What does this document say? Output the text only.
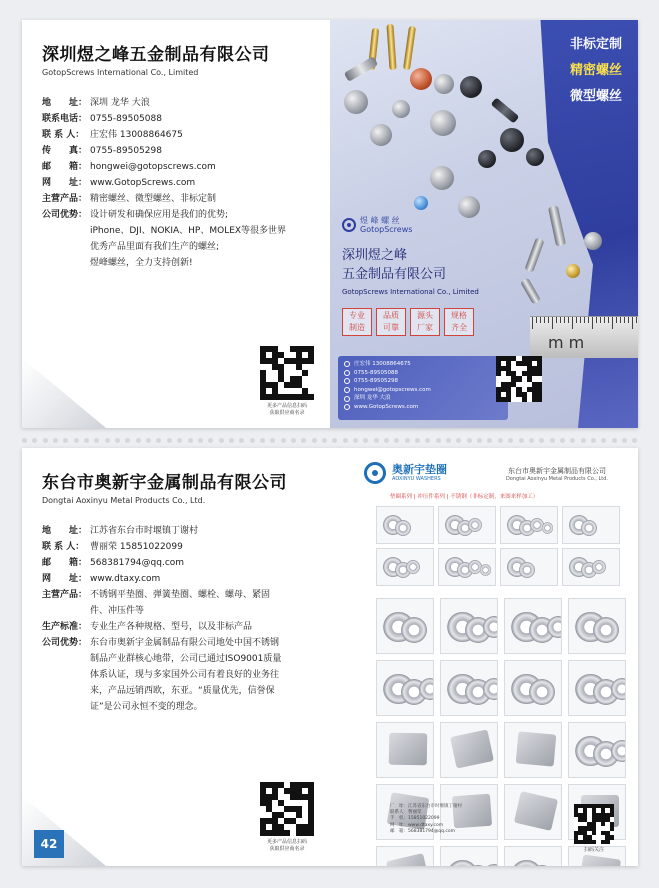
深圳煜之峰五金制品有限公司
GotopScrews International Co., Limited
地　　址： 深圳 龙华 大浪
联系电话： 0755-89505088
联 系 人： 庄宏伟 13008864675
传　　真： 0755-89505298
邮　　箱： hongwei@gotopscrews.com
网　　址： www.GotopScrews.com
主营产品： 精密螺丝、微型螺丝、非标定制
公司优势： 设计研发和确保应用是我们的优势;
iPhone、DJI、NOKIA、HP、MOLEX等很多世界
优秀产品里面有我们生产的螺丝;
煜峰螺丝，全力支持创新!
更多产品信息扫码
获取供应商名录
非标定制
精密螺丝
微型螺丝
煜 峰 螺 丝
GotopScrews
深圳煜之峰
五金制品有限公司
GotopScrews International Co., Limited
专业
制造
品质
可靠
源头
厂家
规格
齐全
m m
庄宏伟 13008864675
0755-89505088
0755-89505298
hongwei@gotopscrews.com
深圳 龙华 大浪
www.GotopScrews.com
东台市奥新宇金属制品有限公司
Dongtai Aoxinyu Metal Products Co., Ltd.
地　　址： 江苏省东台市时堰镇丁谢村
联 系 人： 曹丽荣 15851022099
邮　　箱： 568381794@qq.com
网　　址： www.dtaxy.com
主营产品： 不锈钢平垫圈、弹簧垫圈、螺栓、螺母、紧固
件、冲压件等
生产标准： 专业生产各种规格、型号，以及非标产品
公司优势： 东台市奥新宇金属制品有限公司地处中国不锈钢
制品产业群核心地带，公司已通过ISO9001质量
体系认证，现与多家国外公司有着良好的业务往
来，产品远销西欧，东亚。“质量优先，信誉保
证”是公司永恒不变的理念。
更多产品信息扫码
获取供应商名录
奥新宇垫圈
AOXINYU WASHERS
东台市奥新宇金属制品有限公司
Dongtai Aoxinyu Metal Products Co., Ltd.
垫圈系列 | 冲压件系列 | 不锈钢（非标定制，来图来样加工）
厂　址：江苏省东台市时堰镇丁谢村
联系人：曹丽荣
手　机：15851022099
网　址：www.dtaxy.com
邮　箱：568381794@qq.com
扫码关注
42
